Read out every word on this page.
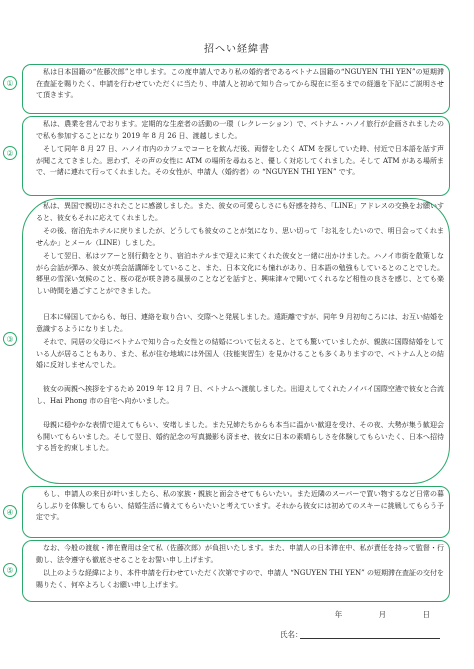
招へい経緯書
①

私は日本国籍の“佐藤次郎”と申します。この度申請人であり私の婚約者であるベトナム国籍の“NGUYEN THI YEN”の短期滞在査証を賜りたく、申請を行わせていただくに当たり、申請人と初めて知り合ってから現在に至るまでの経過を下記にご説明させて頂きます。

②

私は、農業を営んでおります。定期的な生産者の活動の一環（レクレーション）で、ベトナム・ハノイ旅行が企画されましたので私も参加することになり 2019 年 8 月 26 日、渡越しました。

そして同年 8 月 27 日、ハノイ市内のカフェでコーヒを飲んだ後、両替をしたく ATM を探していた時、付近で日本語を話す声が聞こえてきました。思わず、その声の女性に ATM の場所を尋ねると、優しく対応してくれました。そして ATM がある場所まで、一緒に連れて行ってくれました。その女性が、申請人（婚約者）の “NGUYEN THI YEN” です。

③

私は、異国で親切にされたことに感激しました。また、彼女の可愛らしさにも好感を持ち、「LINE」アドレスの交換をお願いすると、彼女もそれに応えてくれました。

その後、宿泊先ホテルに戻りましたが、どうしても彼女のことが気になり、思い切って「お礼をしたいので、明日会ってくれませんか」とメール（LINE）しました。

そして翌日、私はツアーと別行動をとり、宿泊ホテルまで迎えに来てくれた彼女と一緒に出かけました。ハノイ市街を散策しながら会話が弾み、彼女が英会話講師をしていること、また、日本文化にも憧れがあり、日本語の勉強もしているとのことでした。郷里の雪深い気候のこと、桜の花が咲き誇る風景のことなどを話すと、興味津々で聞いてくれるなど相性の良さを感じ、とても楽しい時間を過ごすことができました。

日本に帰国してからも、毎日、連絡を取り合い、交際へと発展しました。遠距離ですが、同年 9 月初旬ころには、お互い結婚を意識するようになりました。

それで、同居の父母にベトナムで知り合った女性との結婚について伝えると、とても驚いていましたが、親族に国際結婚をしている人が居ることもあり、また、私が住む地域には外国人（技能実習生）を見かけることも多くありますので、ベトナム人との結婚に反対しませんでした。

彼女の両親へ挨拶をするため 2019 年 12 月 7 日、ベトナムへ渡航しました。出迎えしてくれたノイバイ国際空港で彼女と合流し、Hai Phong 市の自宅へ向かいました。

母親に穏やかな表情で迎えてもらい、安堵しました。また兄姉たちからも本当に温かい歓迎を受け、その夜、大勢が集う歓迎会も開いてもらいました。そして翌日、婚約記念の写真撮影も済ませ、彼女に日本の素晴らしさを体験してもらいたく、日本へ招待する旨を約束しました。

④

もし、申請人の来日が叶いましたら、私の家族・親族と面会させてもらいたい。また近隣のスーパーで買い物するなど日常の暮らしぶりを体験してもらい、結婚生活に備えてもらいたいと考えています。それから彼女には初めてのスキーに挑戦してもらう予定です。

⑤

なお、今般の渡航・滞在費用は全て私（佐藤次郎）が負担いたします。また、申請人の日本滞在中、私が責任を持って監督・行動し、法令遵守も徹底させることをお誓い申し上げます。

以上のような経緯により、本件申請を行わせていただく次第ですので、申請人 “NGUYEN THI YEN” の短期滞在査証の交付を賜りたく、何卒よろしくお願い申し上げます。

年	月	日
氏名：
